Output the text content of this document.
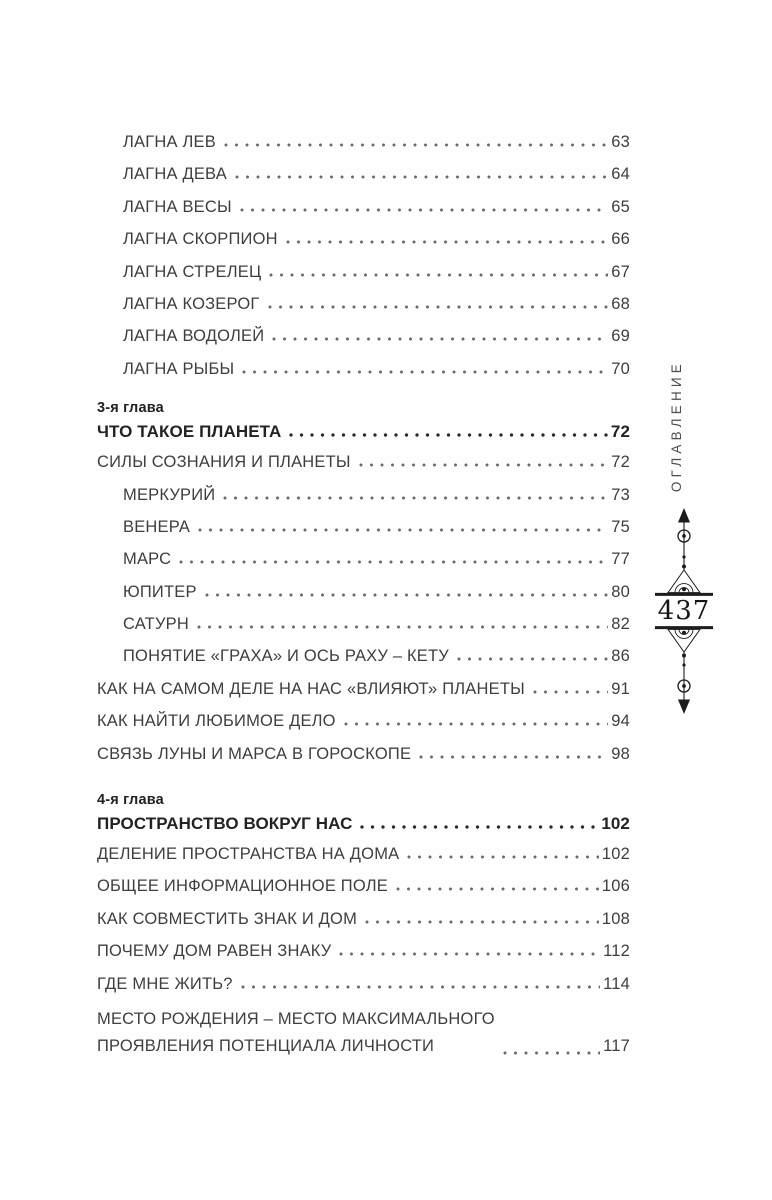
ЛАГНА ЛЕВ	63
ЛАГНА ДЕВА	64
ЛАГНА ВЕСЫ	65
ЛАГНА СКОРПИОН	66
ЛАГНА СТРЕЛЕЦ	67
ЛАГНА КОЗЕРОГ	68
ЛАГНА ВОДОЛЕЙ	69
ЛАГНА РЫБЫ	70
3-я глава
ЧТО ТАКОЕ ПЛАНЕТА	72
СИЛЫ СОЗНАНИЯ И ПЛАНЕТЫ	72
МЕРКУРИЙ	73
ВЕНЕРА	75
МАРС	77
ЮПИТЕР	80
САТУРН	82
ПОНЯТИЕ «ГРАХА» И ОСЬ РАХУ – КЕТУ	86
КАК НА САМОМ ДЕЛЕ НА НАС «ВЛИЯЮТ» ПЛАНЕТЫ	91
КАК НАЙТИ ЛЮБИМОЕ ДЕЛО	94
СВЯЗЬ ЛУНЫ И МАРСА В ГОРОСКОПЕ	98
4-я глава
ПРОСТРАНСТВО ВОКРУГ НАС	102
ДЕЛЕНИЕ ПРОСТРАНСТВА НА ДОМА	102
ОБЩЕЕ ИНФОРМАЦИОННОЕ ПОЛЕ	106
КАК СОВМЕСТИТЬ ЗНАК И ДОМ	108
ПОЧЕМУ ДОМ РАВЕН ЗНАКУ	112
ГДЕ МНЕ ЖИТЬ?	114
МЕСТО РОЖДЕНИЯ – МЕСТО МАКСИМАЛЬНОГО
ПРОЯВЛЕНИЯ ПОТЕНЦИАЛА ЛИЧНОСТИ	117
ОГЛАВЛЕНИЕ
437
